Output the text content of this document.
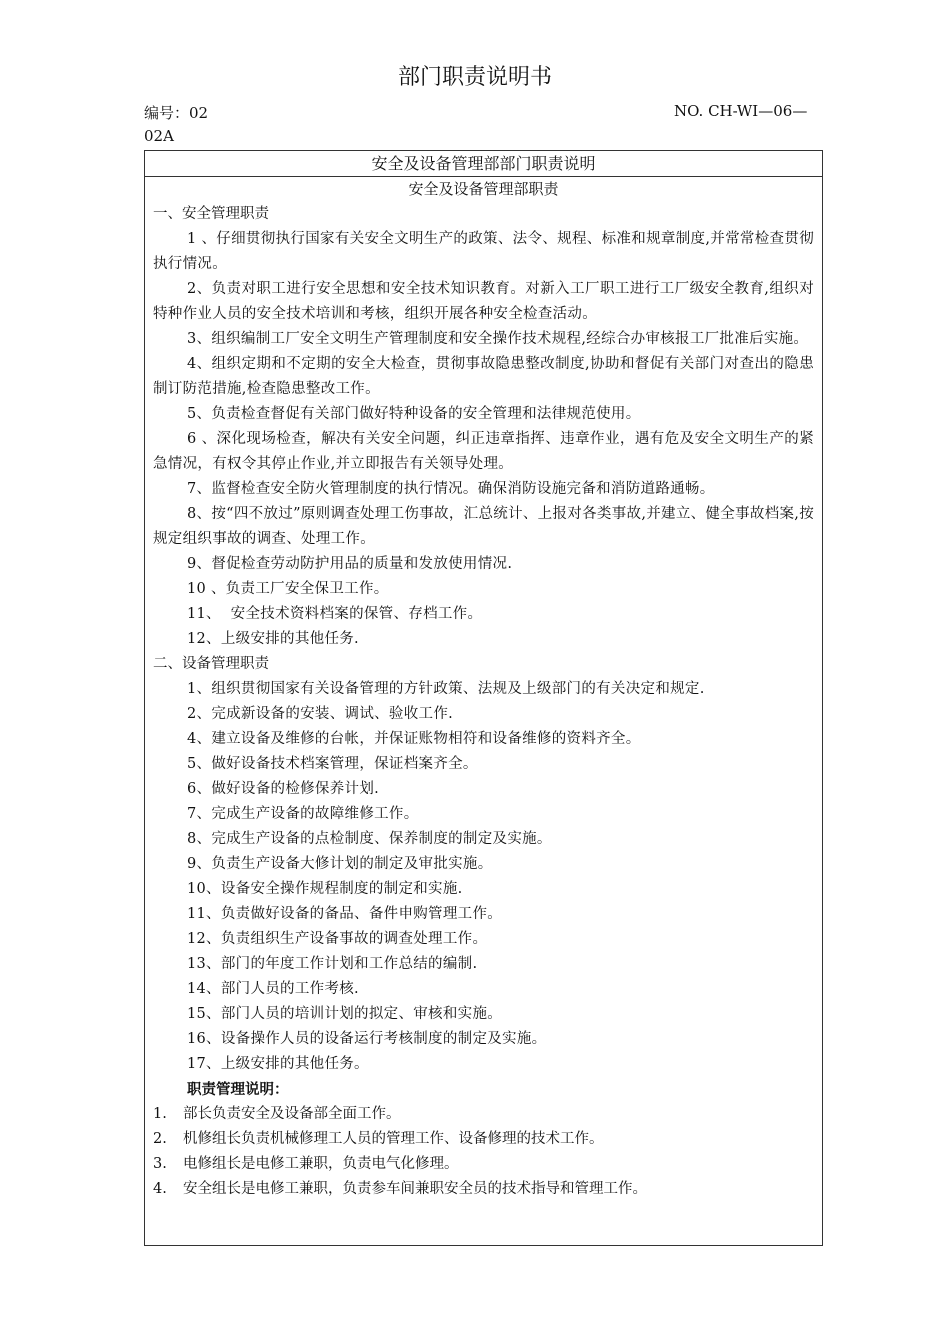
部门职责说明书
编号：02	NO. CH-WI—06—
02A
安全及设备管理部部门职责说明
安全及设备管理部职责

一、安全管理职责

1 、仔细贯彻执行国家有关安全文明生产的政策、法令、规程、标准和规章制度,并常常检查贯彻执行情况。

2、负责对职工进行安全思想和安全技术知识教育。对新入工厂职工进行工厂级安全教育,组织对特种作业人员的安全技术培训和考核，组织开展各种安全检查活动。

3、组织编制工厂安全文明生产管理制度和安全操作技术规程,经综合办审核报工厂批准后实施。

4、组织定期和不定期的安全大检查，贯彻事故隐患整改制度,协助和督促有关部门对查出的隐患制订防范措施,检查隐患整改工作。

5、负责检查督促有关部门做好特种设备的安全管理和法律规范使用。

6 、深化现场检查，解决有关安全问题，纠正违章指挥、违章作业，遇有危及安全文明生产的紧急情况，有权令其停止作业,并立即报告有关领导处理。

7、监督检查安全防火管理制度的执行情况。确保消防设施完备和消防道路通畅。

8、按“四不放过”原则调查处理工伤事故，汇总统计、上报对各类事故,并建立、健全事故档案,按规定组织事故的调查、处理工作。

9、督促检查劳动防护用品的质量和发放使用情况.

10 、负责工厂安全保卫工作。

11、  安全技术资料档案的保管、存档工作。

12、上级安排的其他任务.

二、设备管理职责

1、组织贯彻国家有关设备管理的方针政策、法规及上级部门的有关决定和规定.

2、完成新设备的安装、调试、验收工作.

4、建立设备及维修的台帐，并保证账物相符和设备维修的资料齐全。

5、做好设备技术档案管理，保证档案齐全。

6、做好设备的检修保养计划.

7、完成生产设备的故障维修工作。

8、完成生产设备的点检制度、保养制度的制定及实施。

9、负责生产设备大修计划的制定及审批实施。

10、设备安全操作规程制度的制定和实施.

11、负责做好设备的备品、备件申购管理工作。

12、负责组织生产设备事故的调查处理工作。

13、部门的年度工作计划和工作总结的编制.

14、部门人员的工作考核.

15、部门人员的培训计划的拟定、审核和实施。

16、设备操作人员的设备运行考核制度的制定及实施。

17、上级安排的其他任务。

职责管理说明：

1.	部长负责安全及设备部全面工作。
2.	机修组长负责机械修理工人员的管理工作、设备修理的技术工作。
3.	电修组长是电修工兼职，负责电气化修理。
4.	安全组长是电修工兼职，负责参车间兼职安全员的技术指导和管理工作。
